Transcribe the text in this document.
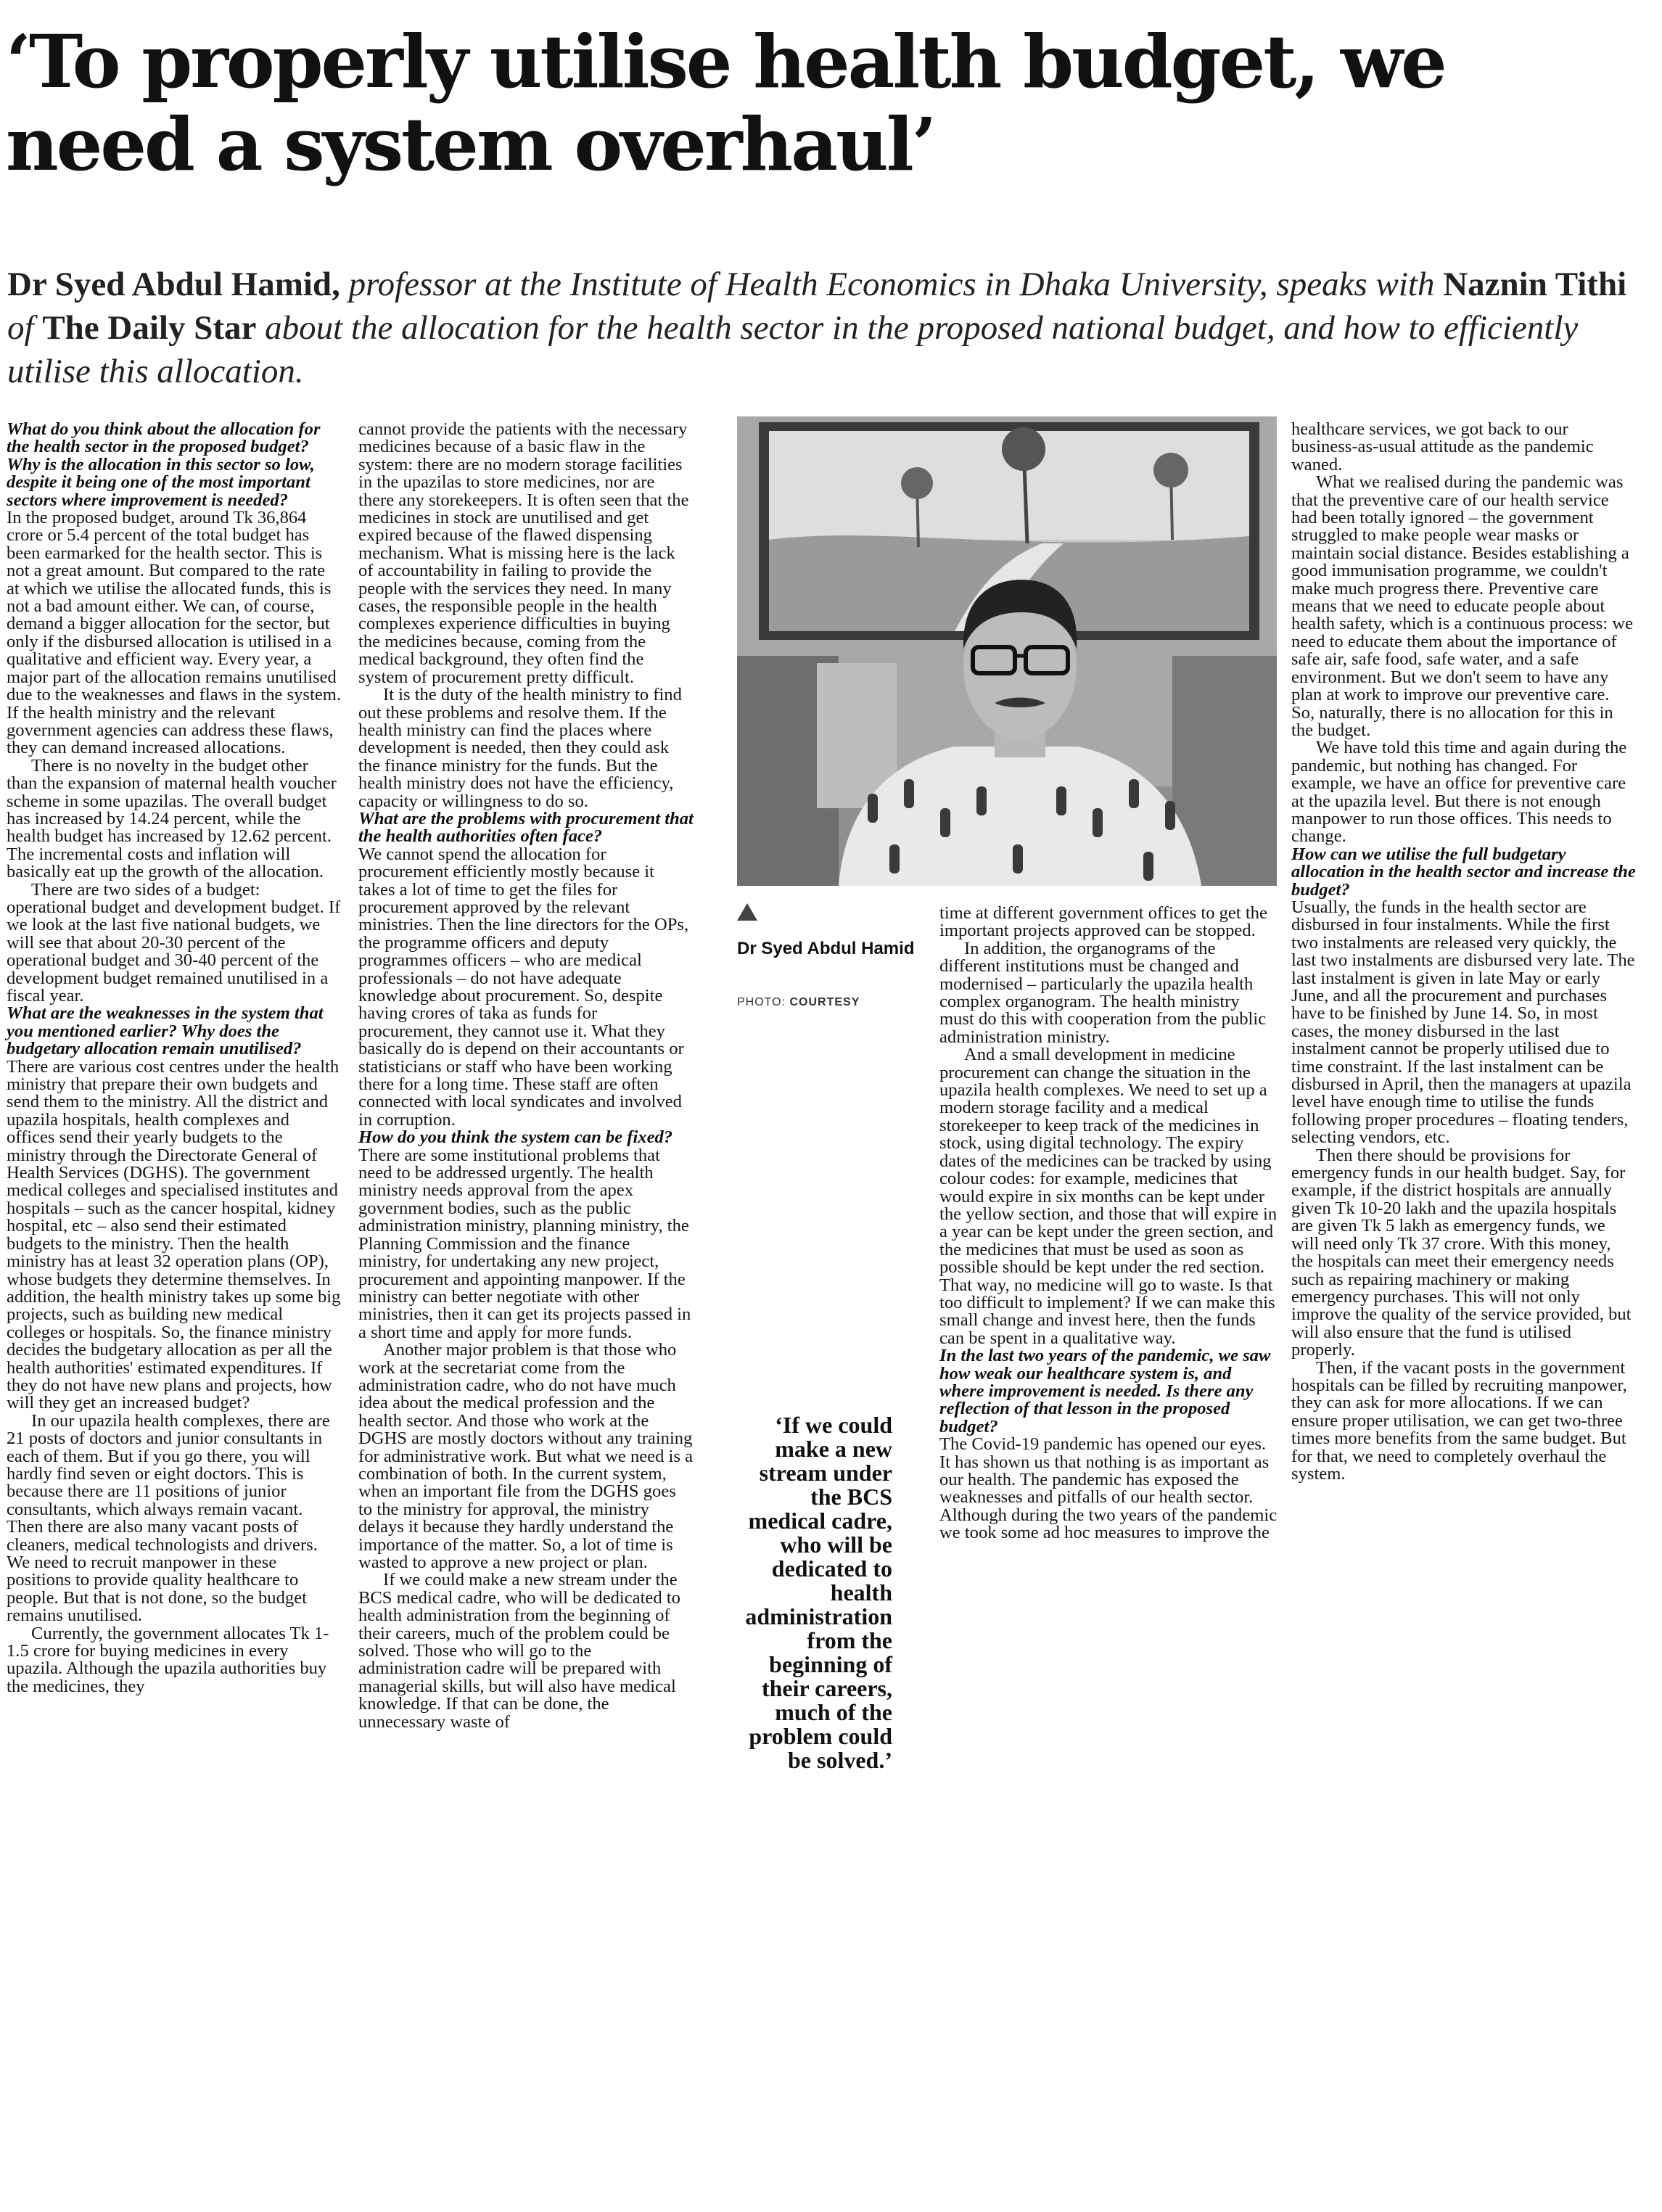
‘To properly utilise health budget, we need a system overhaul’

Dr Syed Abdul Hamid, professor at the Institute of Health Economics in Dhaka University, speaks with Naznin Tithi of The Daily Star about the allocation for the health sector in the proposed national budget, and how to efficiently utilise this allocation.

What do you think about the allocation for the health sector in the proposed budget? Why is the allocation in this sector so low, despite it being one of the most important sectors where improvement is needed?

In the proposed budget, around Tk 36,864 crore or 5.4 percent of the total budget has been earmarked for the health sector. This is not a great amount. But compared to the rate at which we utilise the allocated funds, this is not a bad amount either. We can, of course, demand a bigger allocation for the sector, but only if the disbursed allocation is utilised in a qualitative and efficient way. Every year, a major part of the allocation remains unutilised due to the weaknesses and flaws in the system. If the health ministry and the relevant government agencies can address these flaws, they can demand increased allocations.

There is no novelty in the budget other than the expansion of maternal health voucher scheme in some upazilas. The overall budget has increased by 14.24 percent, while the health budget has increased by 12.62 percent. The incremental costs and inflation will basically eat up the growth of the allocation.

There are two sides of a budget: operational budget and development budget. If we look at the last five national budgets, we will see that about 20-30 percent of the operational budget and 30-40 percent of the development budget remained unutilised in a fiscal year.

What are the weaknesses in the system that you mentioned earlier? Why does the budgetary allocation remain unutilised?

There are various cost centres under the health ministry that prepare their own budgets and send them to the ministry. All the district and upazila hospitals, health complexes and offices send their yearly budgets to the ministry through the Directorate General of Health Services (DGHS). The government medical colleges and specialised institutes and hospitals – such as the cancer hospital, kidney hospital, etc – also send their estimated budgets to the ministry. Then the health ministry has at least 32 operation plans (OP), whose budgets they determine themselves. In addition, the health ministry takes up some big projects, such as building new medical colleges or hospitals. So, the finance ministry decides the budgetary allocation as per all the health authorities' estimated expenditures. If they do not have new plans and projects, how will they get an increased budget?

In our upazila health complexes, there are 21 posts of doctors and junior consultants in each of them. But if you go there, you will hardly find seven or eight doctors. This is because there are 11 positions of junior consultants, which always remain vacant. Then there are also many vacant posts of cleaners, medical technologists and drivers. We need to recruit manpower in these positions to provide quality healthcare to people. But that is not done, so the budget remains unutilised.

Currently, the government allocates Tk 1-1.5 crore for buying medicines in every upazila. Although the upazila authorities buy the medicines, they

cannot provide the patients with the necessary medicines because of a basic flaw in the system: there are no modern storage facilities in the upazilas to store medicines, nor are there any storekeepers. It is often seen that the medicines in stock are unutilised and get expired because of the flawed dispensing mechanism. What is missing here is the lack of accountability in failing to provide the people with the services they need. In many cases, the responsible people in the health complexes experience difficulties in buying the medicines because, coming from the medical background, they often find the system of procurement pretty difficult.

It is the duty of the health ministry to find out these problems and resolve them. If the health ministry can find the places where development is needed, then they could ask the finance ministry for the funds. But the health ministry does not have the efficiency, capacity or willingness to do so.

What are the problems with procurement that the health authorities often face?

We cannot spend the allocation for procurement efficiently mostly because it takes a lot of time to get the files for procurement approved by the relevant ministries. Then the line directors for the OPs, the programme officers and deputy programmes officers – who are medical professionals – do not have adequate knowledge about procurement. So, despite having crores of taka as funds for procurement, they cannot use it. What they basically do is depend on their accountants or statisticians or staff who have been working there for a long time. These staff are often connected with local syndicates and involved in corruption.

How do you think the system can be fixed?

There are some institutional problems that need to be addressed urgently. The health ministry needs approval from the apex government bodies, such as the public administration ministry, planning ministry, the Planning Commission and the finance ministry, for undertaking any new project, procurement and appointing manpower. If the ministry can better negotiate with other ministries, then it can get its projects passed in a short time and apply for more funds.

Another major problem is that those who work at the secretariat come from the administration cadre, who do not have much idea about the medical profession and the health sector. And those who work at the DGHS are mostly doctors without any training for administrative work. But what we need is a combination of both. In the current system, when an important file from the DGHS goes to the ministry for approval, the ministry delays it because they hardly understand the importance of the matter. So, a lot of time is wasted to approve a new project or plan.

If we could make a new stream under the BCS medical cadre, who will be dedicated to health administration from the beginning of their careers, much of the problem could be solved. Those who will go to the administration cadre will be prepared with managerial skills, but will also have medical knowledge. If that can be done, the unnecessary waste of

Dr Syed Abdul Hamid
PHOTO: COURTESY

‘If we could make a new stream under the BCS medical cadre, who will be dedicated to health administration from the beginning of their careers, much of the problem could be solved.’

time at different government offices to get the important projects approved can be stopped.

In addition, the organograms of the different institutions must be changed and modernised – particularly the upazila health complex organogram. The health ministry must do this with cooperation from the public administration ministry.

And a small development in medicine procurement can change the situation in the upazila health complexes. We need to set up a modern storage facility and a medical storekeeper to keep track of the medicines in stock, using digital technology. The expiry dates of the medicines can be tracked by using colour codes: for example, medicines that would expire in six months can be kept under the yellow section, and those that will expire in a year can be kept under the green section, and the medicines that must be used as soon as possible should be kept under the red section. That way, no medicine will go to waste. Is that too difficult to implement? If we can make this small change and invest here, then the funds can be spent in a qualitative way.

In the last two years of the pandemic, we saw how weak our healthcare system is, and where improvement is needed. Is there any reflection of that lesson in the proposed budget?

The Covid-19 pandemic has opened our eyes. It has shown us that nothing is as important as our health. The pandemic has exposed the weaknesses and pitfalls of our health sector. Although during the two years of the pandemic we took some ad hoc measures to improve the

healthcare services, we got back to our business-as-usual attitude as the pandemic waned.

What we realised during the pandemic was that the preventive care of our health service had been totally ignored – the government struggled to make people wear masks or maintain social distance. Besides establishing a good immunisation programme, we couldn't make much progress there. Preventive care means that we need to educate people about health safety, which is a continuous process: we need to educate them about the importance of safe air, safe food, safe water, and a safe environment. But we don't seem to have any plan at work to improve our preventive care. So, naturally, there is no allocation for this in the budget.

We have told this time and again during the pandemic, but nothing has changed. For example, we have an office for preventive care at the upazila level. But there is not enough manpower to run those offices. This needs to change.

How can we utilise the full budgetary allocation in the health sector and increase the budget?

Usually, the funds in the health sector are disbursed in four instalments. While the first two instalments are released very quickly, the last two instalments are disbursed very late. The last instalment is given in late May or early June, and all the procurement and purchases have to be finished by June 14. So, in most cases, the money disbursed in the last instalment cannot be properly utilised due to time constraint. If the last instalment can be disbursed in April, then the managers at upazila level have enough time to utilise the funds following proper procedures – floating tenders, selecting vendors, etc.

Then there should be provisions for emergency funds in our health budget. Say, for example, if the district hospitals are annually given Tk 10-20 lakh and the upazila hospitals are given Tk 5 lakh as emergency funds, we will need only Tk 37 crore. With this money, the hospitals can meet their emergency needs such as repairing machinery or making emergency purchases. This will not only improve the quality of the service provided, but will also ensure that the fund is utilised properly.

Then, if the vacant posts in the government hospitals can be filled by recruiting manpower, they can ask for more allocations. If we can ensure proper utilisation, we can get two-three times more benefits from the same budget. But for that, we need to completely overhaul the system.
